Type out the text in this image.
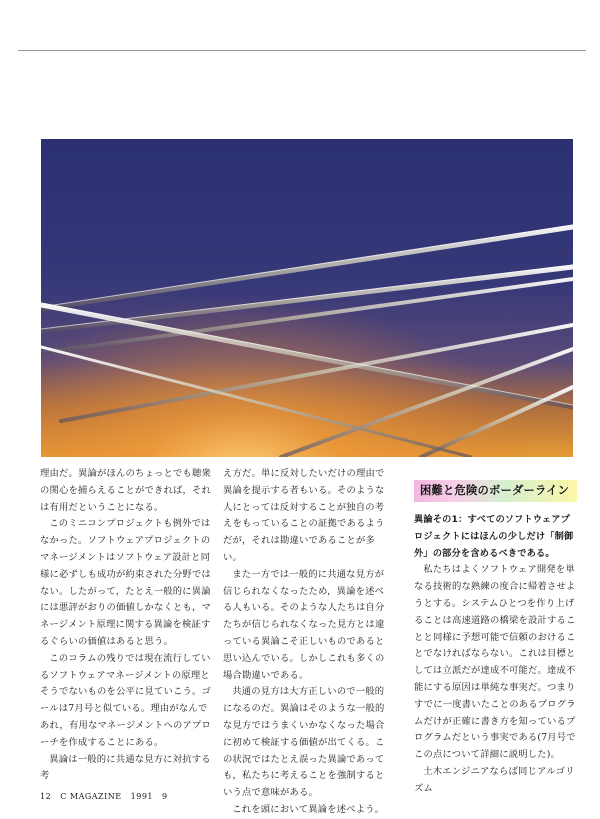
理由だ。異論がほんのちょっとでも聴衆の関心を捕らえることができれば，それは有用だということになる。

このミニコンプロジェクトも例外ではなかった。ソフトウェアプロジェクトのマネージメントはソフトウェア設計と同様に必ずしも成功が約束された分野ではない。したがって，たとえ一般的に異論には悪評がおりの価値しかなくとも，マネージメント原理に関する異論を検証するぐらいの価値はあると思う。

このコラムの残りでは現在流行しているソフトウェアマネージメントの原理とそうでないものを公平に見ていこう。ゴールは7月号と似ている。理由がなんであれ，有用なマネージメントへのアプローチを作成することにある。

異論は一般的に共通な見方に対抗する考

え方だ。単に反対したいだけの理由で異論を提示する者もいる。そのような人にとっては反対することが独自の考えをもっていることの証拠であるようだが，それは勘違いであることが多い。

また一方では一般的に共通な見方が信じられなくなったため，異論を述べる人もいる。そのような人たちは自分たちが信じられなくなった見方とは違っている異論こそ正しいものであると思い込んでいる。しかしこれも多くの場合勘違いである。

共通の見方は大方正しいので一般的になるのだ。異論はそのような一般的な見方ではうまくいかなくなった場合に初めて検証する価値が出てくる。この状況ではたとえ誤った異論であっても，私たちに考えることを強制するという点で意味がある。

これを頭において異論を述べよう。

困難と危険のボーダーライン

異論その1：すべてのソフトウェアプロジェクトにはほんの少しだけ「制御外」の部分を含めるべきである。

私たちはよくソフトウェア開発を単なる技術的な熟練の度合に帰着させようとする。システムひとつを作り上げることは高速道路の橋梁を設計することと同様に予想可能で信頼のおけることでなければならない。これは目標としては立派だが達成不可能だ。達成不能にする原因は単純な事実だ。つまりすでに一度書いたことのあるプログラムだけが正確に書き方を知っているプログラムだという事実である(7月号でこの点について詳細に説明した)。

土木エンジニアならば同じアルゴリズム

12 C MAGAZINE 1991 9
